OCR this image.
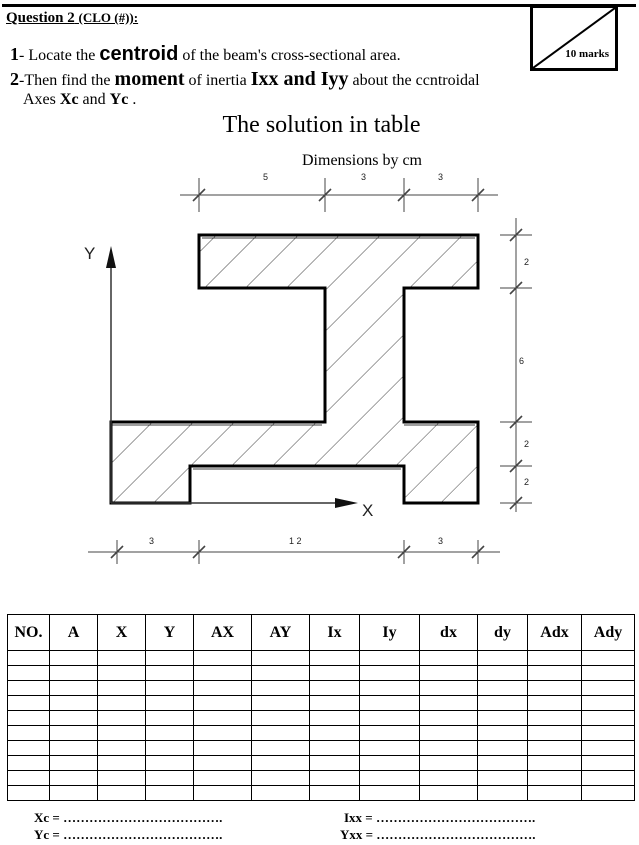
Question 2 (CLO (#)):
10 marks
1- Locate the centroid of the beam's cross-sectional area.
2-Then find the moment of inertia Ixx and Iyy about the ccntroidal
Axes Xc and Yc .
The solution in table
Dimensions by cm
Y
X
5	3	3
2
6
2
2
3	1 2	3
NO.	A	X	Y	AX	AY	Ix	Iy	dx	dy	Adx	Ady

Xc = ……………………………….
Yc = ……………………………….
Ixx = ……………………………….
Yxx = ……………………………….
